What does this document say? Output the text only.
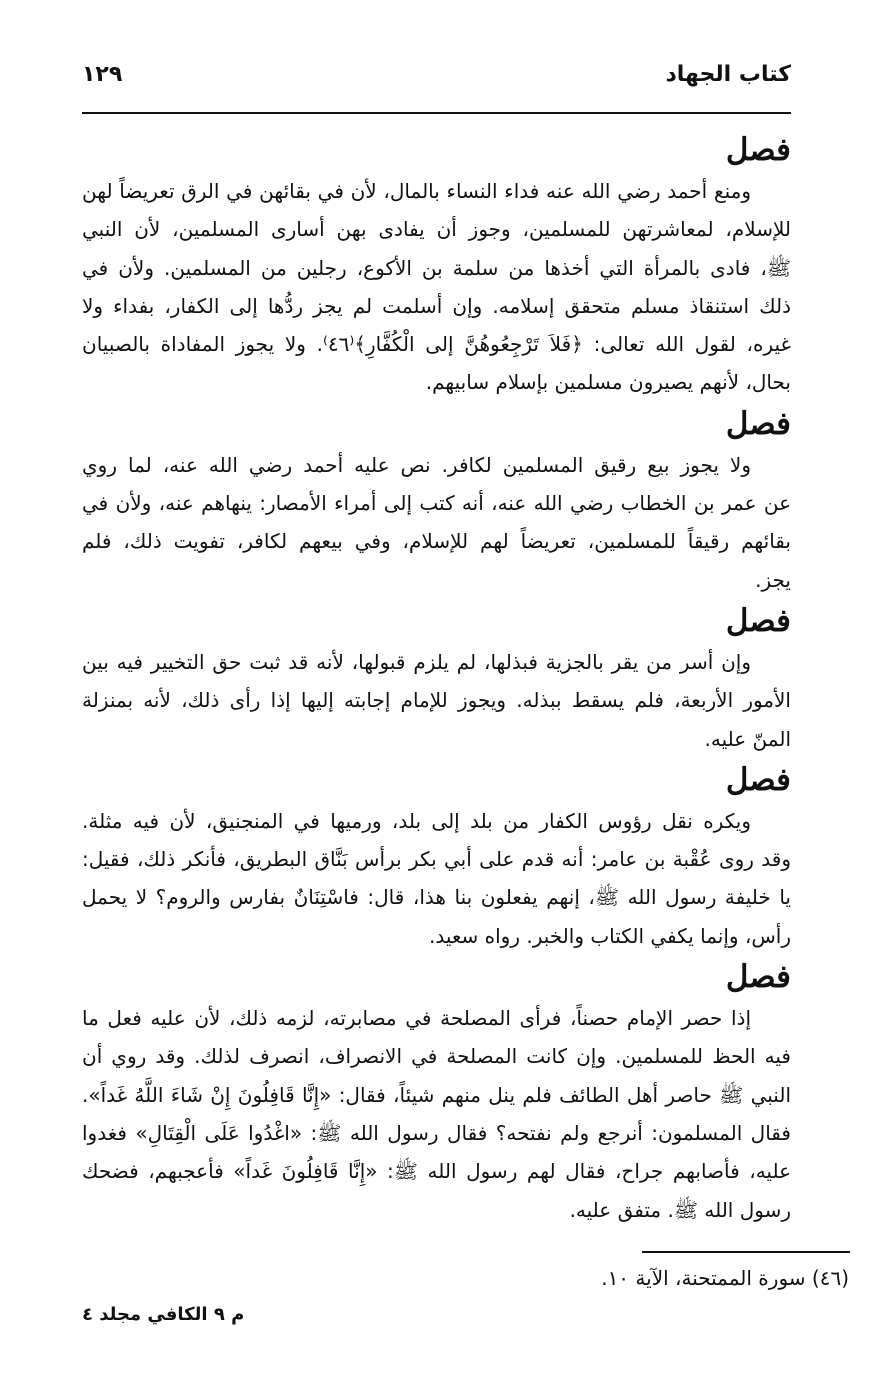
كتاب الجهاد
١٢٩
فصل
ومنع أحمد رضي الله عنه فداء النساء بالمال، لأن في بقائهن في الرق تعريضاً لهن
للإسلام، لمعاشرتهن للمسلمين، وجوز أن يفادى بهن أسارى المسلمين، لأن النبي
ﷺ، فادى بالمرأة التي أخذها من سلمة بن الأكوع، رجلين من المسلمين. ولأن في
ذلك استنقاذ مسلم متحقق إسلامه. وإن أسلمت لم يجز ردُّها إلى الكفار، بفداء ولا
غيره، لقول الله تعالى: ﴿فَلاَ تَرْجِعُوهُنَّ إلى الْكُفَّارِ﴾⁽٤٦⁾. ولا يجوز المفاداة بالصبيان
بحال، لأنهم يصيرون مسلمين بإسلام سابيهم.
فصل
ولا يجوز بيع رقيق المسلمين لكافر. نص عليه أحمد رضي الله عنه، لما روي
عن عمر بن الخطاب رضي الله عنه، أنه كتب إلى أمراء الأمصار: ينهاهم عنه، ولأن في
بقائهم رقيقاً للمسلمين، تعريضاً لهم للإسلام، وفي بيعهم لكافر، تفويت ذلك، فلم
يجز.
فصل
وإن أسر من يقر بالجزية فبذلها، لم يلزم قبولها، لأنه قد ثبت حق التخيير فيه بين
الأمور الأربعة، فلم يسقط ببذله. ويجوز للإمام إجابته إليها إذا رأى ذلك، لأنه بمنزلة
المنّ عليه.
فصل
ويكره نقل رؤوس الكفار من بلد إلى بلد، ورميها في المنجنيق، لأن فيه مثلة.
وقد روى عُقْبة بن عامر: أنه قدم على أبي بكر برأس بَنَّاق البطريق، فأنكر ذلك، فقيل:
يا خليفة رسول الله ﷺ، إنهم يفعلون بنا هذا، قال: فاسْتِنَانٌ بفارس والروم؟ لا يحمل
رأس، وإنما يكفي الكتاب والخبر. رواه سعيد.
فصل
إذا حصر الإمام حصناً، فرأى المصلحة في مصابرته، لزمه ذلك، لأن عليه فعل ما
فيه الحظ للمسلمين. وإن كانت المصلحة في الانصراف، انصرف لذلك. وقد روي أن
النبي ﷺ حاصر أهل الطائف فلم ينل منهم شيئاً، فقال: «إِنَّا قَافِلُونَ إِنْ شَاءَ اللَّهُ غَداً».
فقال المسلمون: أنرجع ولم نفتحه؟ فقال رسول الله ﷺ: «اغْدُوا عَلَى الْقِتَالِ» فغدوا
عليه، فأصابهم جراح، فقال لهم رسول الله ﷺ: «إِنَّا قَافِلُونَ غَداً» فأعجبهم، فضحك
رسول الله ﷺ. متفق عليه.
(٤٦) سورة الممتحنة، الآية ١٠.
م ٩ الكافي مجلد ٤
